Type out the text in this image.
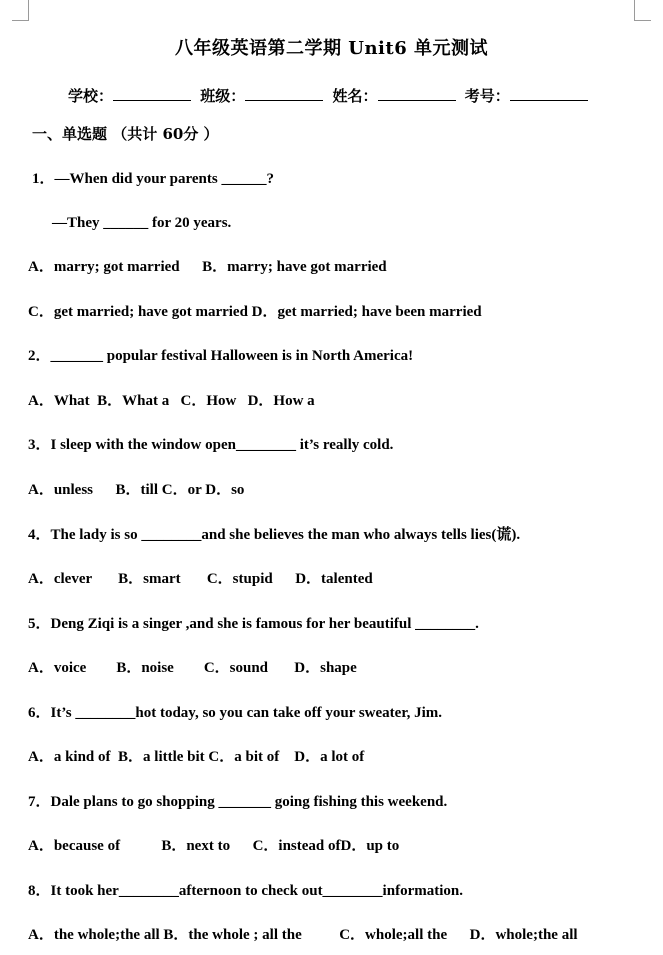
八年级英语第二学期 Unit6 单元测试
学校：	班级：	姓名：	考号：
一、单选题 （共计 60分 ）
1．—When did your parents ______?
—They ______ for 20 years.
A．marry; got married      B．marry; have got married
C．get married; have got married D．get married; have been married
2．_______ popular festival Halloween is in North America!
A．What  B．What a   C．How   D．How a
3．I sleep with the window open________ it’s really cold.
A．unless      B．till C．or D．so
4．The lady is so ________and she believes the man who always tells lies(谎).
A．clever       B．smart       C．stupid      D．talented
5．Deng Ziqi is a singer ,and she is famous for her beautiful ________.
A．voice        B．noise        C．sound       D．shape
6．It’s ________hot today, so you can take off your sweater, Jim.
A．a kind of  B．a little bit C．a bit of    D．a lot of
7．Dale plans to go shopping _______ going fishing this weekend.
A．because of           B．next to      C．instead ofD．up to
8．It took her________afternoon to check out________information.
A．the whole;the all B．the whole ; all the          C．whole;all the      D．whole;the all
